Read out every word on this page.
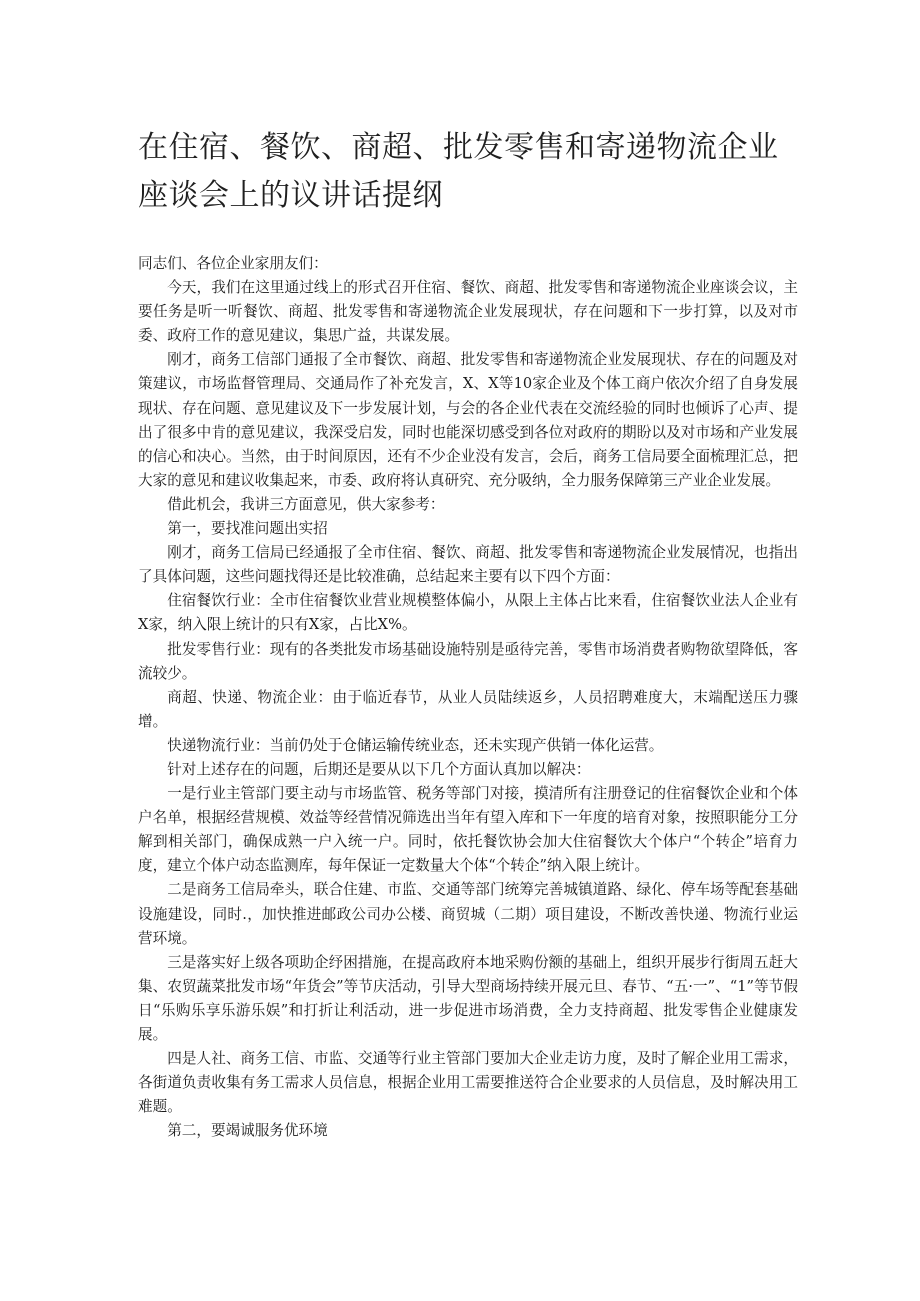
在住宿、餐饮、商超、批发零售和寄递物流企业座谈会上的议讲话提纲

同志们、各位企业家朋友们：

今天，我们在这里通过线上的形式召开住宿、餐饮、商超、批发零售和寄递物流企业座谈会议，主要任务是听一听餐饮、商超、批发零售和寄递物流企业发展现状，存在问题和下一步打算，以及对市委、政府工作的意见建议，集思广益，共谋发展。

刚才，商务工信部门通报了全市餐饮、商超、批发零售和寄递物流企业发展现状、存在的问题及对策建议，市场监督管理局、交通局作了补充发言，X、X等10家企业及个体工商户依次介绍了自身发展现状、存在问题、意见建议及下一步发展计划，与会的各企业代表在交流经验的同时也倾诉了心声、提出了很多中肯的意见建议，我深受启发，同时也能深切感受到各位对政府的期盼以及对市场和产业发展的信心和决心。当然，由于时间原因，还有不少企业没有发言，会后，商务工信局要全面梳理汇总，把大家的意见和建议收集起来，市委、政府将认真研究、充分吸纳，全力服务保障第三产业企业发展。

借此机会，我讲三方面意见，供大家参考：

第一，要找准问题出实招

刚才，商务工信局已经通报了全市住宿、餐饮、商超、批发零售和寄递物流企业发展情况，也指出了具体问题，这些问题找得还是比较准确，总结起来主要有以下四个方面：

住宿餐饮行业：全市住宿餐饮业营业规模整体偏小，从限上主体占比来看，住宿餐饮业法人企业有X家，纳入限上统计的只有X家，占比X%。

批发零售行业：现有的各类批发市场基础设施特别是亟待完善，零售市场消费者购物欲望降低，客流较少。

商超、快递、物流企业：由于临近春节，从业人员陆续返乡，人员招聘难度大，末端配送压力骤增。

快递物流行业：当前仍处于仓储运输传统业态，还未实现产供销一体化运营。

针对上述存在的问题，后期还是要从以下几个方面认真加以解决：

一是行业主管部门要主动与市场监管、税务等部门对接，摸清所有注册登记的住宿餐饮企业和个体户名单，根据经营规模、效益等经营情况筛选出当年有望入库和下一年度的培育对象，按照职能分工分解到相关部门，确保成熟一户入统一户。同时，依托餐饮协会加大住宿餐饮大个体户“个转企”培育力度，建立个体户动态监测库，每年保证一定数量大个体“个转企”纳入限上统计。

二是商务工信局牵头，联合住建、市监、交通等部门统筹完善城镇道路、绿化、停车场等配套基础设施建设，同时.，加快推进邮政公司办公楼、商贸城（二期）项目建设，不断改善快递、物流行业运营环境。

三是落实好上级各项助企纾困措施，在提高政府本地采购份额的基础上，组织开展步行街周五赶大集、农贸蔬菜批发市场“年货会”等节庆活动，引导大型商场持续开展元旦、春节、“五·一”、“1”等节假日“乐购乐享乐游乐娱”和打折让利活动，进一步促进市场消费，全力支持商超、批发零售企业健康发展。

四是人社、商务工信、市监、交通等行业主管部门要加大企业走访力度，及时了解企业用工需求，各街道负责收集有务工需求人员信息，根据企业用工需要推送符合企业要求的人员信息，及时解决用工难题。

第二，要竭诚服务优环境
